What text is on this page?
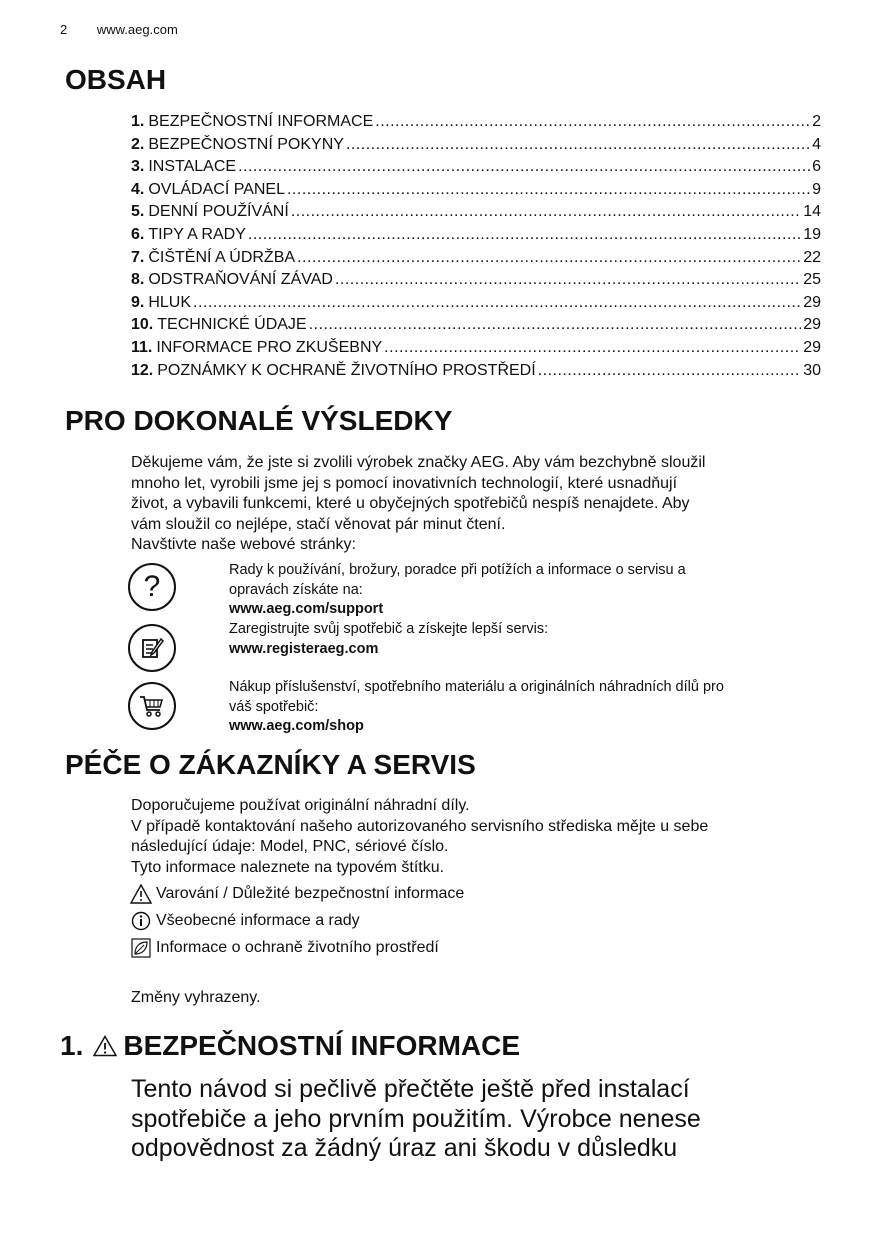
2 www.aeg.com
OBSAH
1. BEZPEČNOSTNÍ INFORMACE .....	2
2. BEZPEČNOSTNÍ POKYNY .....	4
3. INSTALACE .....	6
4. OVLÁDACÍ PANEL .....	9
5. DENNÍ POUŽÍVÁNÍ .....	14
6. TIPY A RADY .....	19
7. ČIŠTĚNÍ A ÚDRŽBA .....	22
8. ODSTRAŇOVÁNÍ ZÁVAD .....	25
9. HLUK .....	29
10. TECHNICKÉ ÚDAJE .....	29
11. INFORMACE PRO ZKUŠEBNY .....	29
12. POZNÁMKY K OCHRANĚ ŽIVOTNÍHO PROSTŘEDÍ .....	30
PRO DOKONALÉ VÝSLEDKY
Děkujeme vám, že jste si zvolili výrobek značky AEG. Aby vám bezchybně sloužil
mnoho let, vyrobili jsme jej s pomocí inovativních technologií, které usnadňují
život, a vybavili funkcemi, které u obyčejných spotřebičů nespíš nenajdete. Aby
vám sloužil co nejlépe, stačí věnovat pár minut čtení.
Navštivte naše webové stránky:
?	Rady k používání, brožury, poradce při potížích a informace o servisu a
opravách získáte na:
www.aeg.com/support
Zaregistrujte svůj spotřebič a získejte lepší servis:
www.registeraeg.com
Nákup příslušenství, spotřebního materiálu a originálních náhradních dílů pro
váš spotřebič:
www.aeg.com/shop
PÉČE O ZÁKAZNÍKY A SERVIS
Doporučujeme používat originální náhradní díly.
V případě kontaktování našeho autorizovaného servisního střediska mějte u sebe
následující údaje: Model, PNC, sériové číslo.
Tyto informace naleznete na typovém štítku.
Varování / Důležité bezpečnostní informace
Všeobecné informace a rady
Informace o ochraně životního prostředí
Změny vyhrazeny.
1. BEZPEČNOSTNÍ INFORMACE
Tento návod si pečlivě přečtěte ještě před instalací
spotřebiče a jeho prvním použitím. Výrobce nenese
odpovědnost za žádný úraz ani škodu v důsledku
